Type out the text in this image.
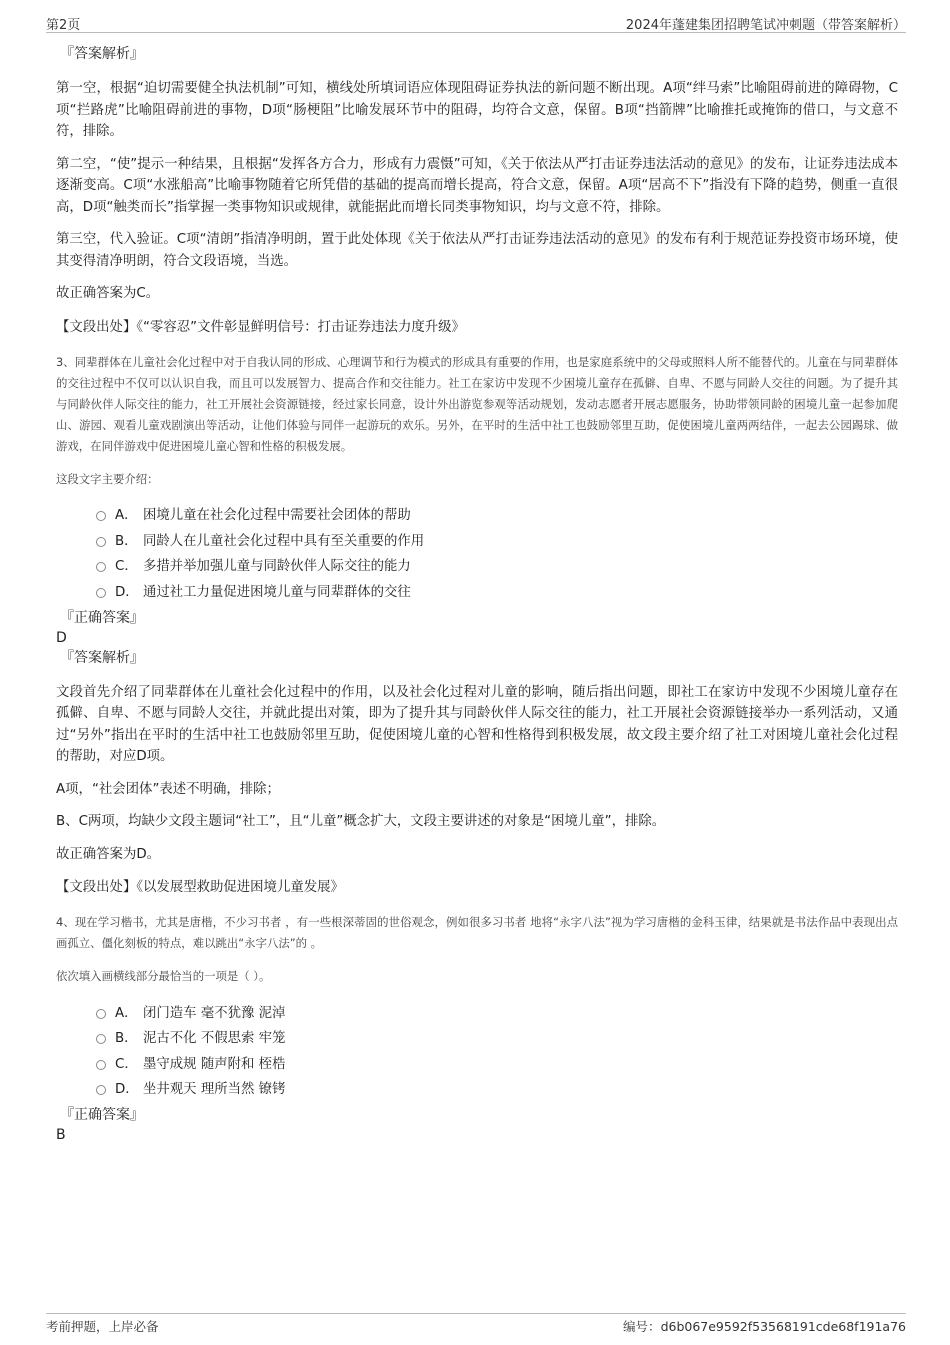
第2页	2024年蓬建集团招聘笔试冲刺题（带答案解析）
『答案解析』

第一空，根据“迫切需要健全执法机制”可知，横线处所填词语应体现阻碍证券执法的新问题不断出现。A项“绊马索”比喻阻碍前进的障碍物，C项“拦路虎”比喻阻碍前进的事物，D项“肠梗阻”比喻发展环节中的阻碍，均符合文意，保留。B项“挡箭牌”比喻推托或掩饰的借口，与文意不符，排除。

第二空，“使”提示一种结果，且根据“发挥各方合力，形成有力震慑”可知，《关于依法从严打击证券违法活动的意见》的发布，让证券违法成本逐渐变高。C项“水涨船高”比喻事物随着它所凭借的基础的提高而增长提高，符合文意，保留。A项“居高不下”指没有下降的趋势，侧重一直很高，D项“触类而长”指掌握一类事物知识或规律，就能据此而增长同类事物知识，均与文意不符，排除。

第三空，代入验证。C项“清朗”指清净明朗，置于此处体现《关于依法从严打击证券违法活动的意见》的发布有利于规范证券投资市场环境，使其变得清净明朗，符合文段语境，当选。

故正确答案为C。

【文段出处】《“零容忍”文件彰显鲜明信号：打击证券违法力度升级》

3、同辈群体在儿童社会化过程中对于自我认同的形成、心理调节和行为模式的形成具有重要的作用，也是家庭系统中的父母或照料人所不能替代的。儿童在与同辈群体的交往过程中不仅可以认识自我，而且可以发展智力、提高合作和交往能力。社工在家访中发现不少困境儿童存在孤僻、自卑、不愿与同龄人交往的问题。为了提升其与同龄伙伴人际交往的能力，社工开展社会资源链接，经过家长同意，设计外出游览参观等活动规划，发动志愿者开展志愿服务，协助带领同龄的困境儿童一起参加爬山、游园、观看儿童戏剧演出等活动，让他们体验与同伴一起游玩的欢乐。另外，在平时的生活中社工也鼓励邻里互助，促使困境儿童两两结伴，一起去公园踢球、做游戏，在同伴游戏中促进困境儿童心智和性格的积极发展。

这段文字主要介绍：

A． 困境儿童在社会化过程中需要社会团体的帮助
B． 同龄人在儿童社会化过程中具有至关重要的作用
C． 多措并举加强儿童与同龄伙伴人际交往的能力
D． 通过社工力量促进困境儿童与同辈群体的交往
『正确答案』
D
『答案解析』

文段首先介绍了同辈群体在儿童社会化过程中的作用，以及社会化过程对儿童的影响，随后指出问题，即社工在家访中发现不少困境儿童存在孤僻、自卑、不愿与同龄人交往，并就此提出对策，即为了提升其与同龄伙伴人际交往的能力，社工开展社会资源链接举办一系列活动，又通过“另外”指出在平时的生活中社工也鼓励邻里互助，促使困境儿童的心智和性格得到积极发展，故文段主要介绍了社工对困境儿童社会化过程的帮助，对应D项。

A项，“社会团体”表述不明确，排除；

B、C两项，均缺少文段主题词“社工”，且“儿童”概念扩大，文段主要讲述的对象是“困境儿童”，排除。

故正确答案为D。

【文段出处】《以发展型救助促进困境儿童发展》

4、现在学习楷书，尤其是唐楷，不少习书者 ，有一些根深蒂固的世俗观念，例如很多习书者 地将“永字八法”视为学习唐楷的金科玉律，结果就是书法作品中表现出点画孤立、僵化刻板的特点，难以跳出“永字八法”的 。

依次填入画横线部分最恰当的一项是（ ）。

A． 闭门造车 毫不犹豫 泥淖
B． 泥古不化 不假思索 牢笼
C． 墨守成规 随声附和 桎梏
D． 坐井观天 理所当然 镣铐
『正确答案』
B
考前押题，上岸必备	编号：d6b067e9592f53568191cde68f191a76
